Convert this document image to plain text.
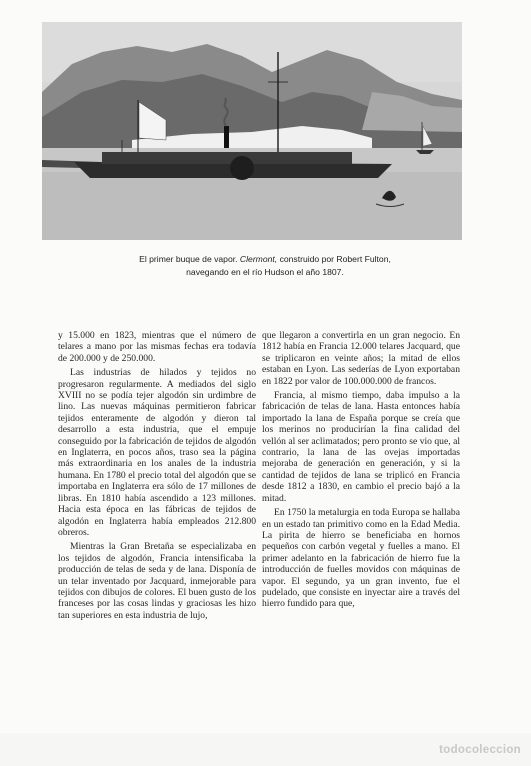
El primer buque de vapor. Clermont, construido por Robert Fulton,
navegando en el río Hudson el año 1807.

y 15.000 en 1823, mientras que el número de telares a mano por las mismas fechas era todavía de 200.000 y de 250.000.

Las industrias de hilados y tejidos no progresaron regularmente. A mediados del siglo XVIII no se podía tejer algodón sin urdimbre de lino. Las nuevas máquinas permitieron fabricar tejidos enteramente de algodón y dieron tal desarrollo a esta industria, que el empuje conseguido por la fabricación de tejidos de algodón en Inglaterra, en pocos años, traso sea la página más extraordinaria en los anales de la industria humana. En 1780 el precio total del algodón que se importaba en Inglaterra era sólo de 17 millones de libras. En 1810 había ascendido a 123 millones. Hacia esta época en las fábricas de tejidos de algodón en Inglaterra había empleados 212.800 obreros.

Mientras la Gran Bretaña se especializaba en los tejidos de algodón, Francia intensificaba la producción de telas de seda y de lana. Disponía de un telar inventado por Jacquard, inmejorable para tejidos con dibujos de colores. El buen gusto de los franceses por las cosas lindas y graciosas les hizo tan superiores en esta industria de lujo,

que llegaron a convertirla en un gran negocio. En 1812 había en Francia 12.000 telares Jacquard, que se triplicaron en veinte años; la mitad de ellos estaban en Lyon. Las sederías de Lyon exportaban en 1822 por valor de 100.000.000 de francos.

Francia, al mismo tiempo, daba impulso a la fabricación de telas de lana. Hasta entonces había importado la lana de España porque se creía que los merinos no producirían la fina calidad del vellón al ser aclimatados; pero pronto se vio que, al contrario, la lana de las ovejas importadas mejoraba de generación en generación, y si la cantidad de tejidos de lana se triplicó en Francia desde 1812 a 1830, en cambio el precio bajó a la mitad.

En 1750 la metalurgia en toda Europa se hallaba en un estado tan primitivo como en la Edad Media. La pirita de hierro se beneficiaba en hornos pequeños con carbón vegetal y fuelles a mano. El primer adelanto en la fabricación de hierro fue la introducción de fuelles movidos con máquinas de vapor. El segundo, ya un gran invento, fue el pudelado, que consiste en inyectar aire a través del hierro fundido para que,

todocoleccion
